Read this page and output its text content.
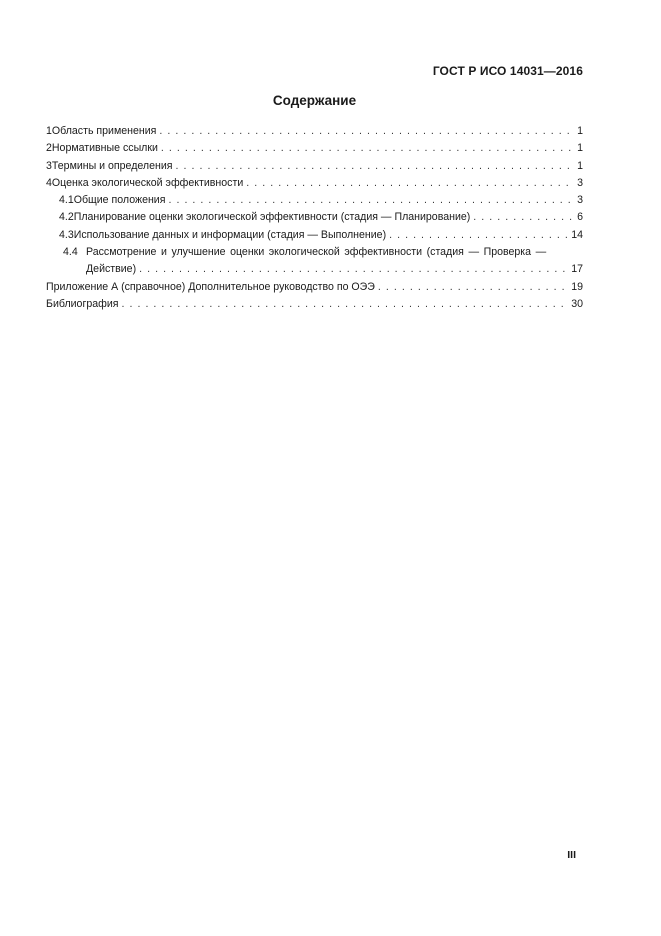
ГОСТ Р ИСО 14031—2016
Содержание
1 Область применения . . .	1
2 Нормативные ссылки . . .	1
3 Термины и определения . . .	1
4 Оценка экологической эффективности . . .	3
4.1 Общие положения . . .	3
4.2 Планирование оценки экологической эффективности (стадия — Планирование) . . .	6
4.3 Использование данных и информации (стадия — Выполнение) . . .	14
4.4 Рассмотрение и улучшение оценки экологической эффективности (стадия — Проверка —
Действие) . . .	17
Приложение А (справочное) Дополнительное руководство по ОЭЭ . . .	19
Библиография . . .	30
III
